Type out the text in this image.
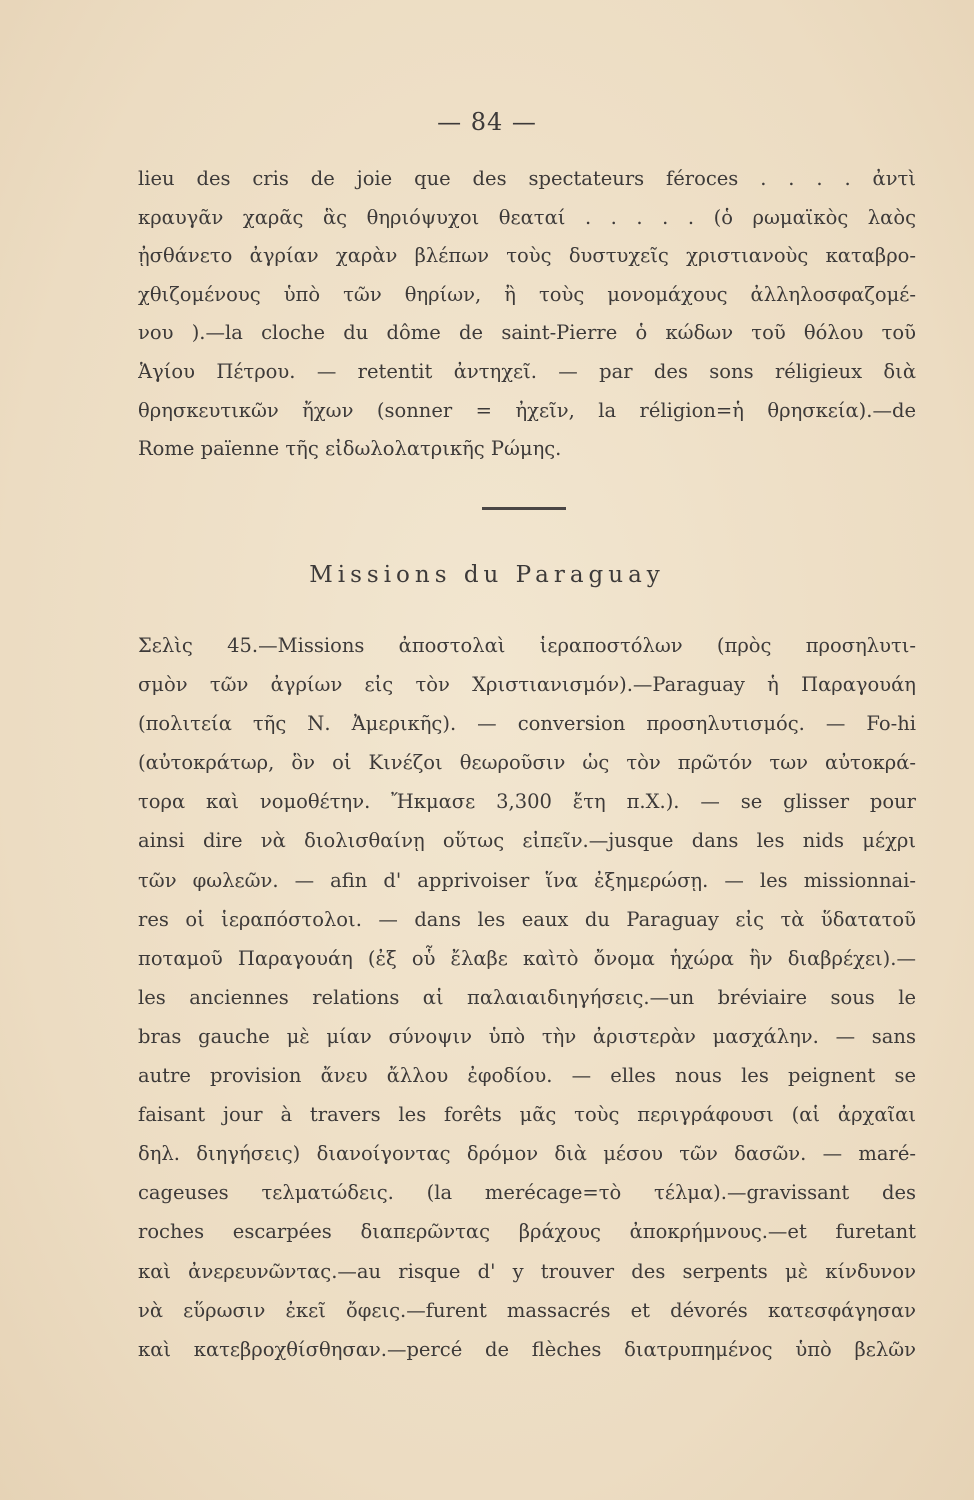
— 84 —
lieu des cris de joie que des spectateurs féroces . . . . ἀντὶ
κραυγᾶν χαρᾶς ἃς θηριόψυχοι θεαταί . . . . . (ὁ ρωμαϊκὸς λαὸς
ᾐσθάνετο ἀγρίαν χαρὰν βλέπων τοὺς δυστυχεῖς χριστιανοὺς καταβρο-
χθιζομένους ὑπὸ τῶν θηρίων, ἢ τοὺς μονομάχους ἀλληλοσφαζομέ-
νου ).—la cloche du dôme de saint-Pierre ὁ κώδων τοῦ θόλου τοῦ
Ἁγίου Πέτρου. — retentit ἀντηχεῖ. — par des sons réligieux διὰ
θρησκευτικῶν ἤχων (sonner = ἠχεῖν, la réligion=ἡ θρησκεία).—de
Rome païenne τῆς εἰδωλολατρικῆς Ρώμης.
Missions du Paraguay
Σελὶς 45.—Missions ἀποστολαὶ ἱεραποστόλων (πρὸς προσηλυτι-
σμὸν τῶν ἀγρίων εἰς τὸν Χριστιανισμόν).—Paraguay ἡ Παραγουάη
(πολιτεία τῆς Ν. Ἀμερικῆς). — conversion προσηλυτισμός. — Fo-hi
(αὐτοκράτωρ, ὃν οἱ Κινέζοι θεωροῦσιν ὡς τὸν πρῶτόν των αὐτοκρά-
τορα καὶ νομοθέτην. Ἤκμασε 3,300 ἔτη π.Χ.). — se glisser pour
ainsi dire νὰ διολισθαίνῃ οὕτως εἰπεῖν.—jusque dans les nids μέχρι
τῶν φωλεῶν. — afin d' apprivoiser ἵνα ἐξημερώσῃ. — les missionnai-
res οἱ ἱεραπόστολοι. — dans les eaux du Paraguay εἰς τὰ ὕδατατοῦ
ποταμοῦ Παραγουάη (ἐξ οὗ ἔλαβε καὶτὸ ὄνομα ἡχώρα ἣν διαβρέχει).—
les anciennes relations αἱ παλαιαιδιηγήσεις.—un bréviaire sous le
bras gauche μὲ μίαν σύνοψιν ὑπὸ τὴν ἀριστερὰν μασχάλην. — sans
autre provision ἄνευ ἄλλου ἐφοδίου. — elles nous les peignent se
faisant jour à travers les forêts μᾶς τοὺς περιγράφουσι (αἱ ἀρχαῖαι
δηλ. διηγήσεις) διανοίγοντας δρόμον διὰ μέσου τῶν δασῶν. — maré-
cageuses τελματώδεις. (la merécage=τὸ τέλμα).—gravissant des
roches escarpées διαπερῶντας βράχους ἀποκρήμνους.—et furetant
καὶ ἀνερευνῶντας.—au risque d' y trouver des serpents μὲ κίνδυνον
νὰ εὕρωσιν ἐκεῖ ὄφεις.—furent massacrés et dévorés κατεσφάγησαν
καὶ κατεβροχθίσθησαν.—percé de flèches διατρυπημένος ὑπὸ βελῶν
